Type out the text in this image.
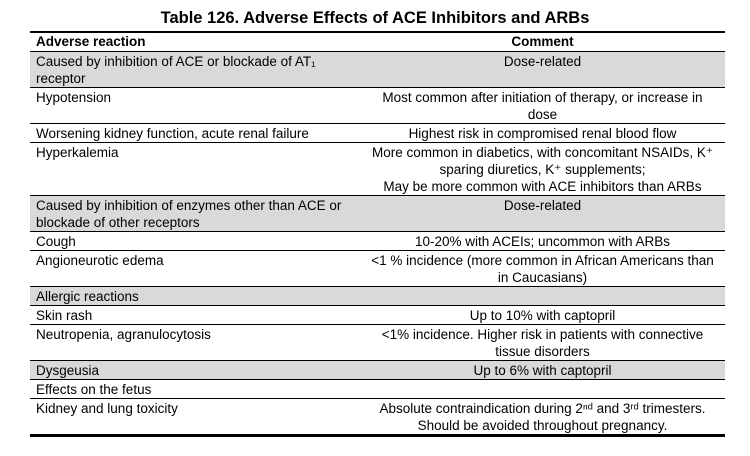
Table 126. Adverse Effects of ACE Inhibitors and ARBs
Adverse reaction	Comment

Caused by inhibition of ACE or blockade of AT₁ receptor	Dose-related

Hypotension	Most common after initiation of therapy, or increase in
dose

Worsening kidney function, acute renal failure	Highest risk in compromised renal blood flow

Hyperkalemia	More common in diabetics, with concomitant NSAIDs, K⁺
sparing diuretics, K⁺ supplements;
May be more common with ACE inhibitors than ARBs

Caused by inhibition of enzymes other than ACE or
blockade of other receptors	Dose-related

Cough	10-20% with ACEIs; uncommon with ARBs

Angioneurotic edema	<1 % incidence (more common in African Americans than
in Caucasians)

Allergic reactions	

Skin rash	Up to 10% with captopril

Neutropenia, agranulocytosis	<1% incidence. Higher risk in patients with connective
tissue disorders

Dysgeusia	Up to 6% with captopril

Effects on the fetus	

Kidney and lung toxicity	Absolute contraindication during 2ⁿᵈ and 3ʳᵈ trimesters.
Should be avoided throughout pregnancy.
